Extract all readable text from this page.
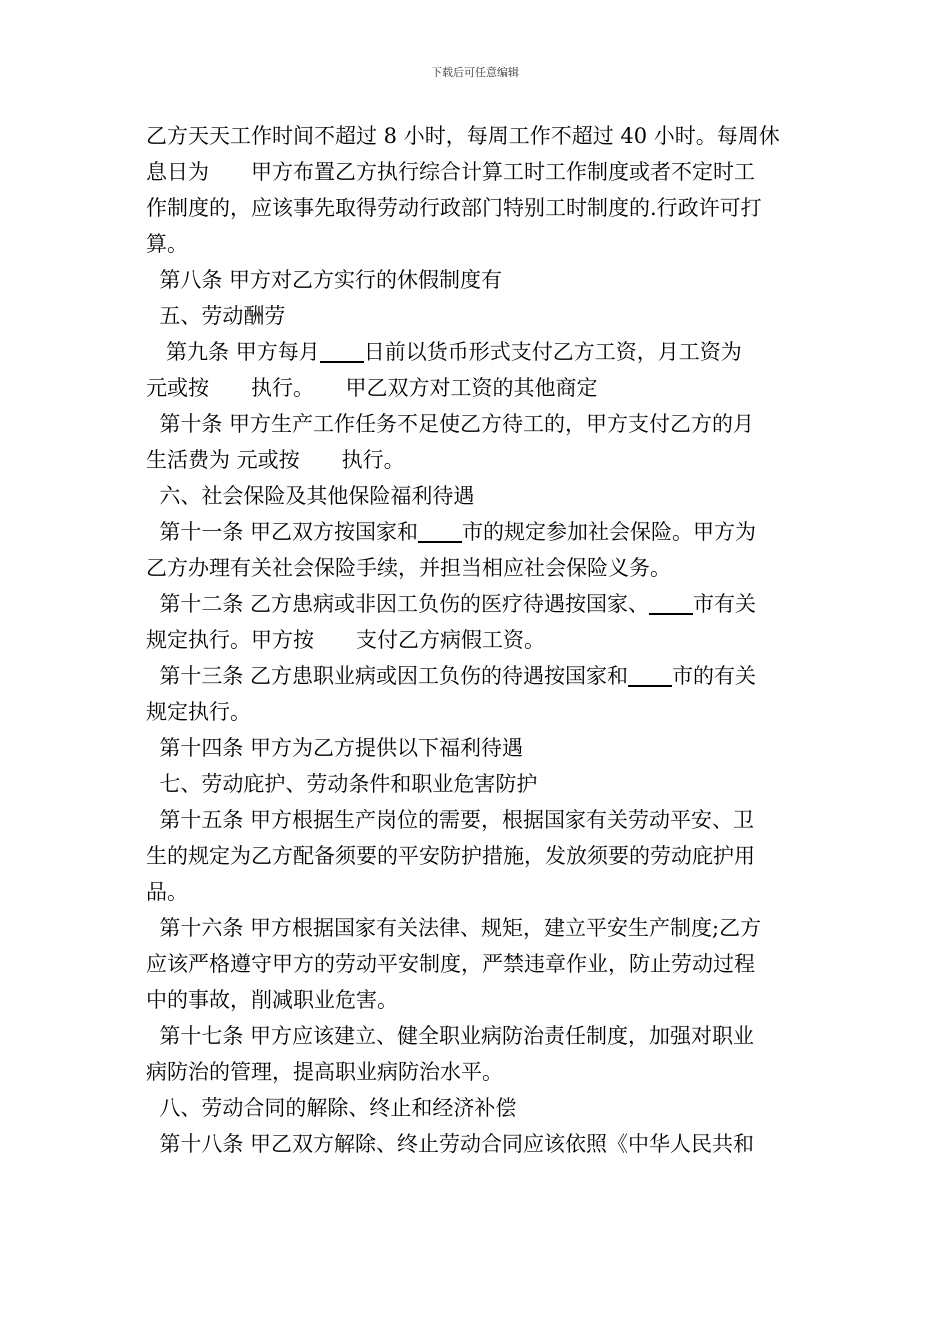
下载后可任意编辑
乙方天天工作时间不超过 8 小时，每周工作不超过 40 小时。每周休
息日为　　甲方布置乙方执行综合计算工时工作制度或者不定时工
作制度的，应该事先取得劳动行政部门特别工时制度的.行政许可打
算。
第八条 甲方对乙方实行的休假制度有
五、劳动酬劳
第九条 甲方每月 日前以货币形式支付乙方工资，月工资为
元或按　　执行。　　甲乙双方对工资的其他商定
第十条 甲方生产工作任务不足使乙方待工的，甲方支付乙方的月
生活费为 元或按　　执行。
六、社会保险及其他保险福利待遇
第十一条 甲乙双方按国家和 市的规定参加社会保险。甲方为
乙方办理有关社会保险手续，并担当相应社会保险义务。
第十二条 乙方患病或非因工负伤的医疗待遇按国家、 市有关
规定执行。甲方按　　支付乙方病假工资。
第十三条 乙方患职业病或因工负伤的待遇按国家和 市的有关
规定执行。
第十四条 甲方为乙方提供以下福利待遇
七、劳动庇护、劳动条件和职业危害防护
第十五条 甲方根据生产岗位的需要，根据国家有关劳动平安、卫
生的规定为乙方配备须要的平安防护措施，发放须要的劳动庇护用
品。
第十六条 甲方根据国家有关法律、规矩，建立平安生产制度;乙方
应该严格遵守甲方的劳动平安制度，严禁违章作业，防止劳动过程
中的事故，削减职业危害。
第十七条 甲方应该建立、健全职业病防治责任制度，加强对职业
病防治的管理，提高职业病防治水平。
八、劳动合同的解除、终止和经济补偿
第十八条 甲乙双方解除、终止劳动合同应该依照《中华人民共和
